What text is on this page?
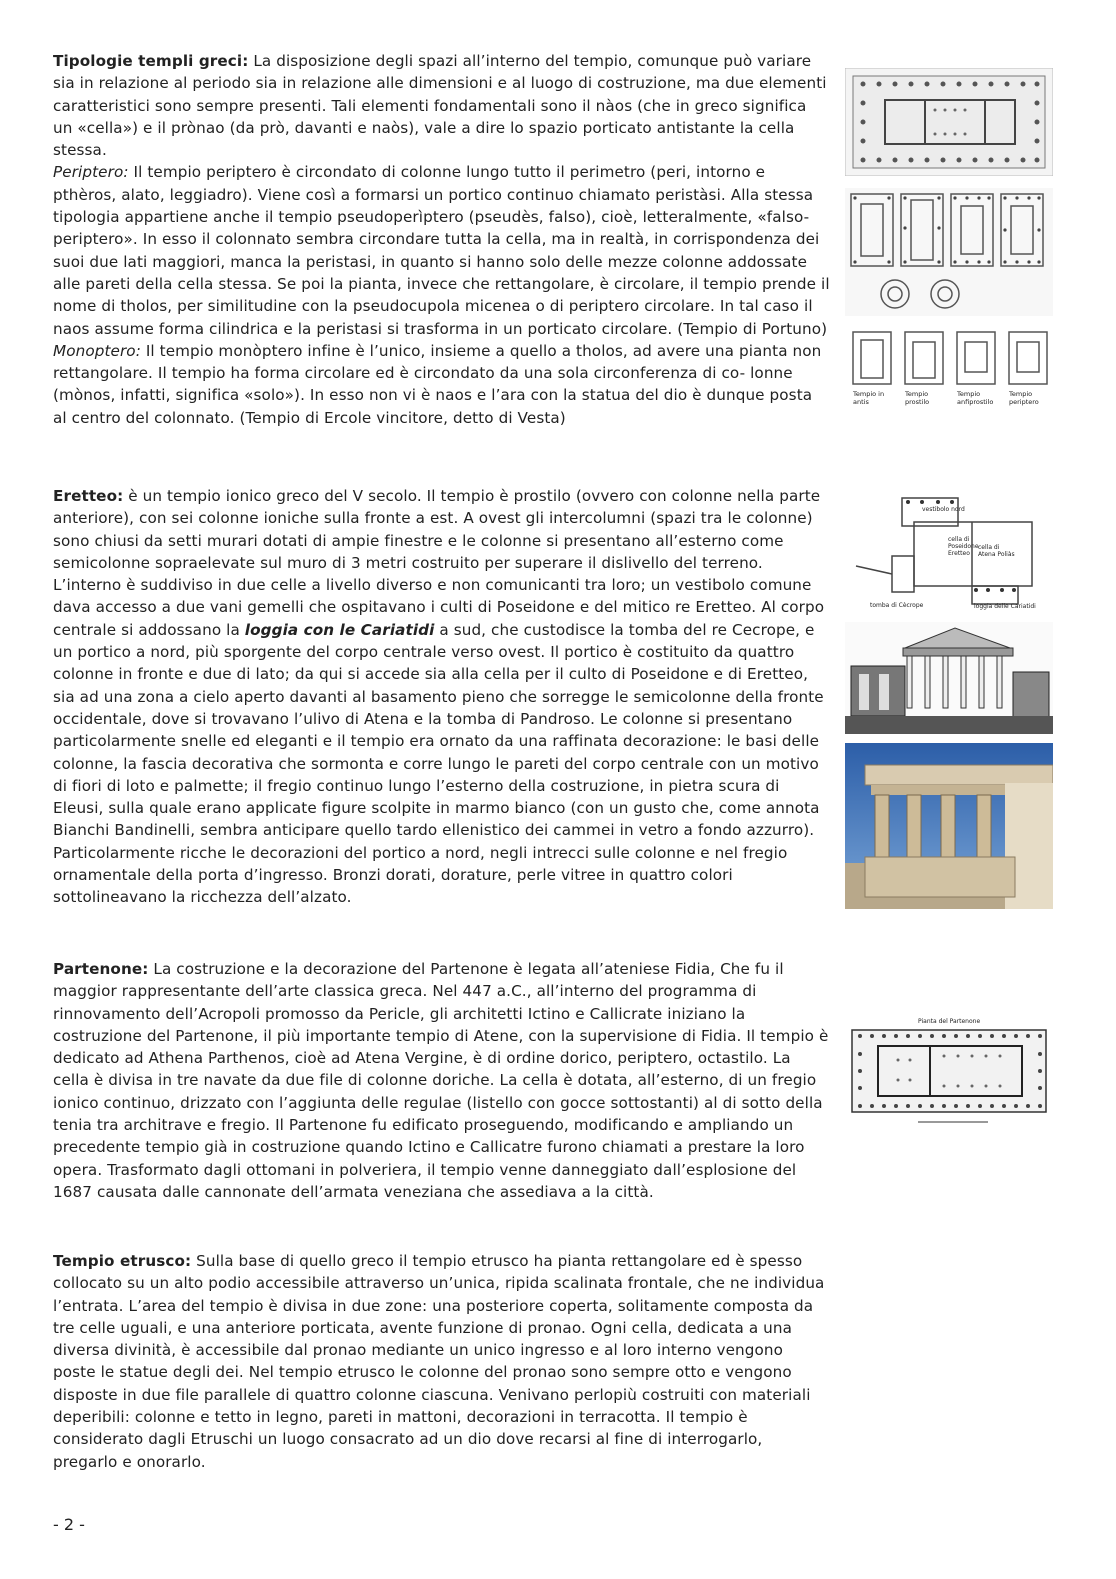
Tipologie templi greci: La disposizione degli spazi all’interno del tempio, comunque può variare sia in relazione al periodo sia in relazione alle dimensioni e al luogo di costruzione, ma due elementi caratteristici sono sempre presenti. Tali elementi fondamentali sono il nàos (che in greco significa un «cella») e il prònao (da prò, davanti e naòs), vale a dire lo spazio porticato antistante la cella stessa.

Periptero: Il tempio periptero è circondato di colonne lungo tutto il perimetro (peri, intorno e pthèros, alato, leggiadro). Viene così a formarsi un portico continuo chiamato peristàsi. Alla stessa tipologia appartiene anche il tempio pseudoperìptero (pseudès, falso), cioè, letteralmente, «falso-periptero». In esso il colonnato sembra circondare tutta la cella, ma in realtà, in corrispondenza dei suoi due lati maggiori, manca la peristasi, in quanto si hanno solo delle mezze colonne addossate alle pareti della cella stessa. Se poi la pianta, invece che rettangolare, è circolare, il tempio prende il nome di tholos, per similitudine con la pseudocupola micenea o di periptero circolare. In tal caso il naos assume forma cilindrica e la peristasi si trasforma in un porticato circolare. (Tempio di Portuno)

Monoptero: Il tempio monòptero infine è l’unico, insieme a quello a tholos, ad avere una pianta non rettangolare. Il tempio ha forma circolare ed è circondato da una sola circonferenza di co- lonne (mònos, infatti, significa «solo»). In esso non vi è naos e l’ara con la statua del dio è dunque posta al centro del colonnato. (Tempio di Ercole vincitore, detto di Vesta)

Eretteo: è un tempio ionico greco del V secolo. Il tempio è prostilo (ovvero con colonne nella parte anteriore), con sei colonne ioniche sulla fronte a est. A ovest gli intercolumni (spazi tra le colonne) sono chiusi da setti murari dotati di ampie finestre e le colonne si presentano all’esterno come semicolonne sopraelevate sul muro di 3 metri costruito per superare il dislivello del terreno. L’interno è suddiviso in due celle a livello diverso e non comunicanti tra loro; un vestibolo comune dava accesso a due vani gemelli che ospitavano i culti di Poseidone e del mitico re Eretteo. Al corpo centrale si addossano la loggia con le Cariatidi a sud, che custodisce la tomba del re Cecrope, e un portico a nord, più sporgente del corpo centrale verso ovest. Il portico è costituito da quattro colonne in fronte e due di lato; da qui si accede sia alla cella per il culto di Poseidone e di Eretteo, sia ad una zona a cielo aperto davanti al basamento pieno che sorregge le semicolonne della fronte occidentale, dove si trovavano l’ulivo di Atena e la tomba di Pandroso. Le colonne si presentano particolarmente snelle ed eleganti e il tempio era ornato da una raffinata decorazione: le basi delle colonne, la fascia decorativa che sormonta e corre lungo le pareti del corpo centrale con un motivo di fiori di loto e palmette; il fregio continuo lungo l’esterno della costruzione, in pietra scura di Eleusi, sulla quale erano applicate figure scolpite in marmo bianco (con un gusto che, come annota Bianchi Bandinelli, sembra anticipare quello tardo ellenistico dei cammei in vetro a fondo azzurro). Particolarmente ricche le decorazioni del portico a nord, negli intrecci sulle colonne e nel fregio ornamentale della porta d’ingresso. Bronzi dorati, dorature, perle vitree in quattro colori sottolineavano la ricchezza dell’alzato.

Partenone: La costruzione e la decorazione del Partenone è legata all’ateniese Fidia, Che fu il maggior rappresentante dell’arte classica greca. Nel 447 a.C., all’interno del programma di rinnovamento dell’Acropoli promosso da Pericle, gli architetti Ictino e Callicrate iniziano la costruzione del Partenone, il più importante tempio di Atene, con la supervisione di Fidia. Il tempio è dedicato ad Athena Parthenos, cioè ad Atena Vergine, è di ordine dorico, periptero, octastilo. La cella è divisa in tre navate da due file di colonne doriche. La cella è dotata, all’esterno, di un fregio ionico continuo, drizzato con l’aggiunta delle regulae (listello con gocce sottostanti) al di sotto della tenia tra architrave e fregio. Il Partenone fu edificato proseguendo, modificando e ampliando un precedente tempio già in costruzione quando Ictino e Callicatre furono chiamati a prestare la loro opera. Trasformato dagli ottomani in polveriera, il tempio venne danneggiato dall’esplosione del 1687 causata dalle cannonate dell’armata veneziana che assediava a la città.

Tempio etrusco: Sulla base di quello greco il tempio etrusco ha pianta rettangolare ed è spesso collocato su un alto podio accessibile attraverso un’unica, ripida scalinata frontale, che ne individua l’entrata. L’area del tempio è divisa in due zone: una posteriore coperta, solitamente composta da tre celle uguali, e una anteriore porticata, avente funzione di pronao. Ogni cella, dedicata a una diversa divinità, è accessibile dal pronao mediante un unico ingresso e al loro interno vengono poste le statue degli dei. Nel tempio etrusco le colonne del pronao sono sempre otto e vengono disposte in due file parallele di quattro colonne ciascuna. Venivano perlopiù costruiti con materiali deperibili: colonne e tetto in legno, pareti in mattoni, decorazioni in terracotta. Il tempio è considerato dagli Etruschi un luogo consacrato ad un dio dove recarsi al fine di interrogarlo, pregarlo e onorarlo.

Tempio in antis
Tempio prostilo
Tempio anfiprostilo
Tempio periptero
vestibolo nord
cella di Poseidone Eretteo
cella di Atena Poliàs
tomba di Cècrope	loggia delle Cariatidi
Pianta del Partenone
- 2 -
